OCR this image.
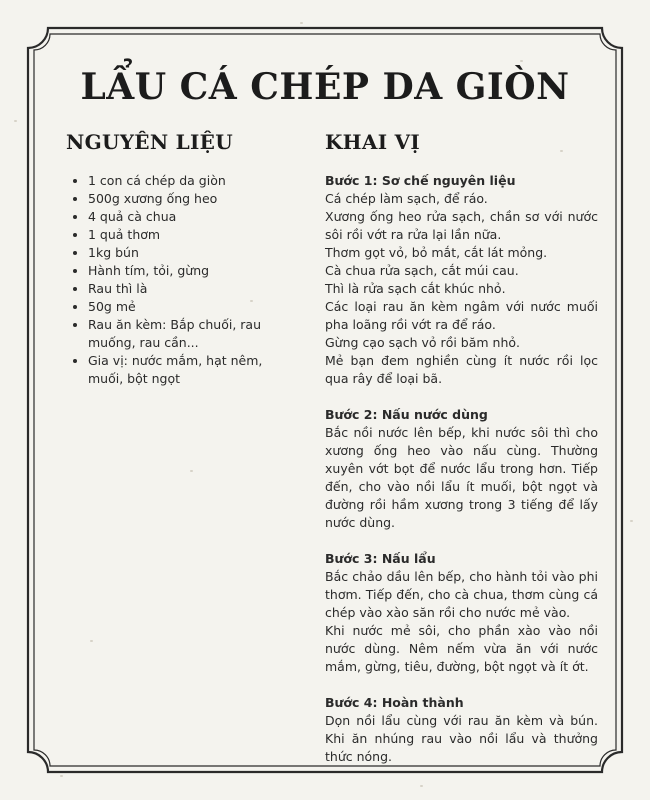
LẨU CÁ CHÉP DA GIÒN
NGUYÊN LIỆU
1 con cá chép da giòn
500g xương ống heo
4 quả cà chua
1 quả thơm
1kg bún
Hành tím, tỏi, gừng
Rau thì là
50g mẻ
Rau ăn kèm: Bắp chuối, rau muống, rau cần...
Gia vị: nước mắm, hạt nêm, muối, bột ngọt
KHAI VỊ
Bước 1: Sơ chế nguyên liệu
Cá chép làm sạch, để ráo.
Xương ống heo rửa sạch, chần sơ với nước sôi rồi vớt ra rửa lại lần nữa.
Thơm gọt vỏ, bỏ mắt, cắt lát mỏng.
Cà chua rửa sạch, cắt múi cau.
Thì là rửa sạch cắt khúc nhỏ.
Các loại rau ăn kèm ngâm với nước muối pha loãng rồi vớt ra để ráo.
Gừng cạo sạch vỏ rồi băm nhỏ.
Mẻ bạn đem nghiền cùng ít nước rồi lọc qua rây để loại bã.
Bước 2: Nấu nước dùng
Bắc nồi nước lên bếp, khi nước sôi thì cho xương ống heo vào nấu cùng. Thường xuyên vớt bọt để nước lẩu trong hơn. Tiếp đến, cho vào nồi lẩu ít muối, bột ngọt và đường rồi hầm xương trong 3 tiếng để lấy nước dùng.
Bước 3: Nấu lẩu
Bắc chảo dầu lên bếp, cho hành tỏi vào phi thơm. Tiếp đến, cho cà chua, thơm cùng cá chép vào xào săn rồi cho nước mẻ vào.
Khi nước mẻ sôi, cho phần xào vào nồi nước dùng. Nêm nếm vừa ăn với nước mắm, gừng, tiêu, đường, bột ngọt và ít ớt.
Bước 4: Hoàn thành
Dọn nồi lẩu cùng với rau ăn kèm và bún. Khi ăn nhúng rau vào nồi lẩu và thưởng thức nóng.
